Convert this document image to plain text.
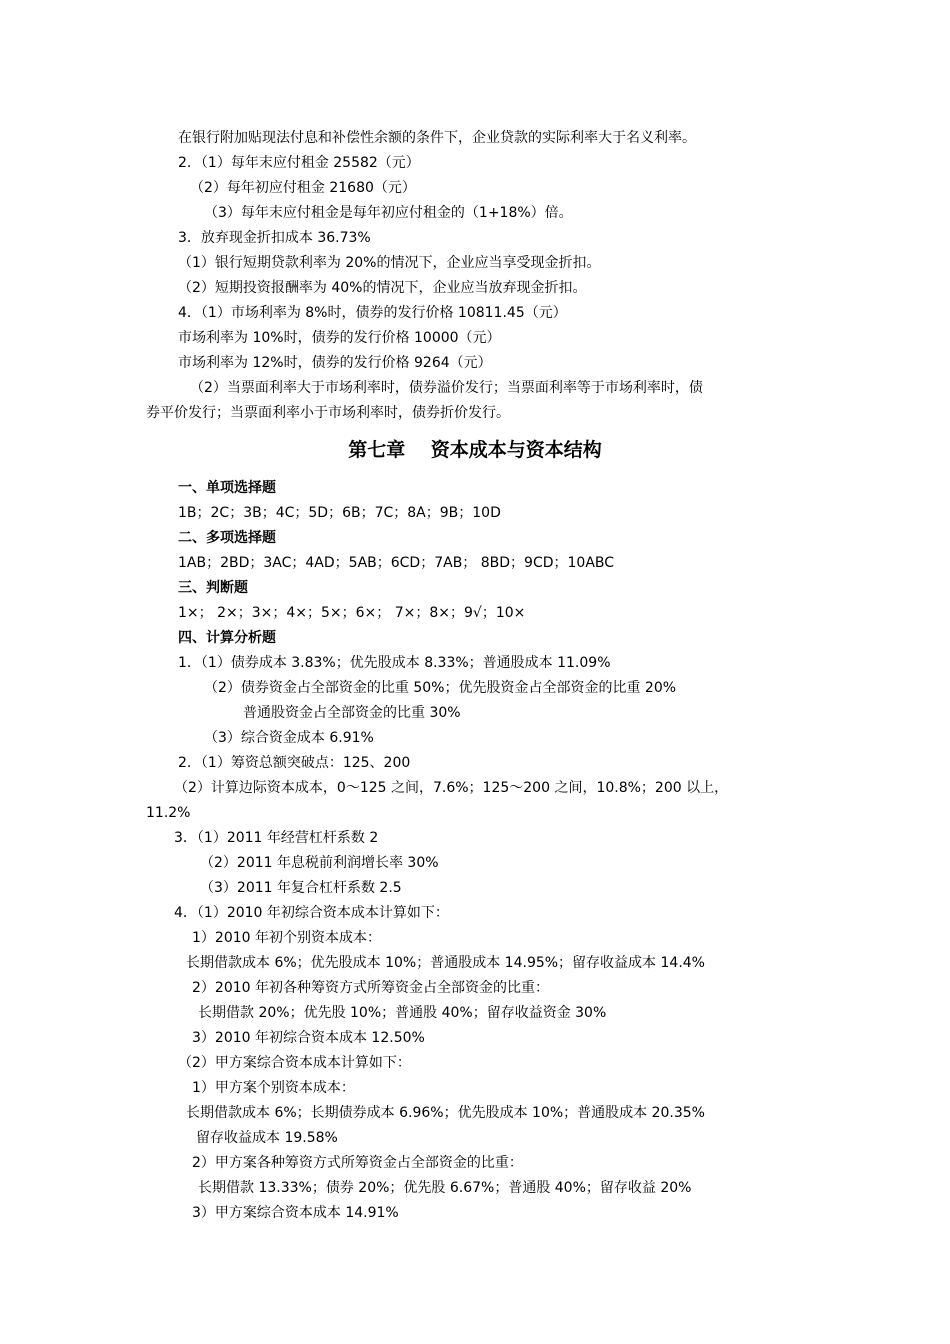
在银行附加贴现法付息和补偿性余额的条件下，企业贷款的实际利率大于名义利率。
2．（1）每年末应付租金 25582（元）
（2）每年初应付租金 21680（元）
（3）每年末应付租金是每年初应付租金的（1+18%）倍。
3．放弃现金折扣成本 36.73%
（1）银行短期贷款利率为 20%的情况下，企业应当享受现金折扣。
（2）短期投资报酬率为 40%的情况下，企业应当放弃现金折扣。
4．（1）市场利率为 8%时，债券的发行价格 10811.45（元）
市场利率为 10%时，债券的发行价格 10000（元）
市场利率为 12%时，债券的发行价格 9264（元）
（2）当票面利率大于市场利率时，债券溢价发行；当票面利率等于市场利率时，债
券平价发行；当票面利率小于市场利率时，债券折价发行。
第七章　 资本成本与资本结构
一、单项选择题
1B；2C；3B；4C；5D；6B；7C；8A；9B；10D
二、多项选择题
1AB；2BD；3AC；4AD；5AB；6CD；7AB； 8BD；9CD；10ABC
三、判断题
1×； 2×；3×；4×；5×；6×； 7×；8×；9√；10×
四、计算分析题
1．（1）债券成本 3.83%；优先股成本 8.33%；普通股成本 11.09%
（2）债券资金占全部资金的比重 50%；优先股资金占全部资金的比重 20%
普通股资金占全部资金的比重 30%
（3）综合资金成本 6.91%
2．（1）筹资总额突破点：125、200
（2）计算边际资本成本，0～125 之间，7.6%；125～200 之间，10.8%；200 以上，
11.2%
3．（1）2011 年经营杠杆系数 2
（2）2011 年息税前利润增长率 30%
（3）2011 年复合杠杆系数 2.5
4．（1）2010 年初综合资本成本计算如下：
1）2010 年初个别资本成本：
长期借款成本 6%；优先股成本 10%；普通股成本 14.95%；留存收益成本 14.4%
2）2010 年初各种筹资方式所筹资金占全部资金的比重：
长期借款 20%；优先股 10%；普通股 40%；留存收益资金 30%
3）2010 年初综合资本成本 12.50%
（2）甲方案综合资本成本计算如下：
1）甲方案个别资本成本：
长期借款成本 6%；长期债券成本 6.96%；优先股成本 10%；普通股成本 20.35%
留存收益成本 19.58%
2）甲方案各种筹资方式所筹资金占全部资金的比重：
长期借款 13.33%；债券 20%；优先股 6.67%；普通股 40%；留存收益 20%
3）甲方案综合资本成本 14.91%
